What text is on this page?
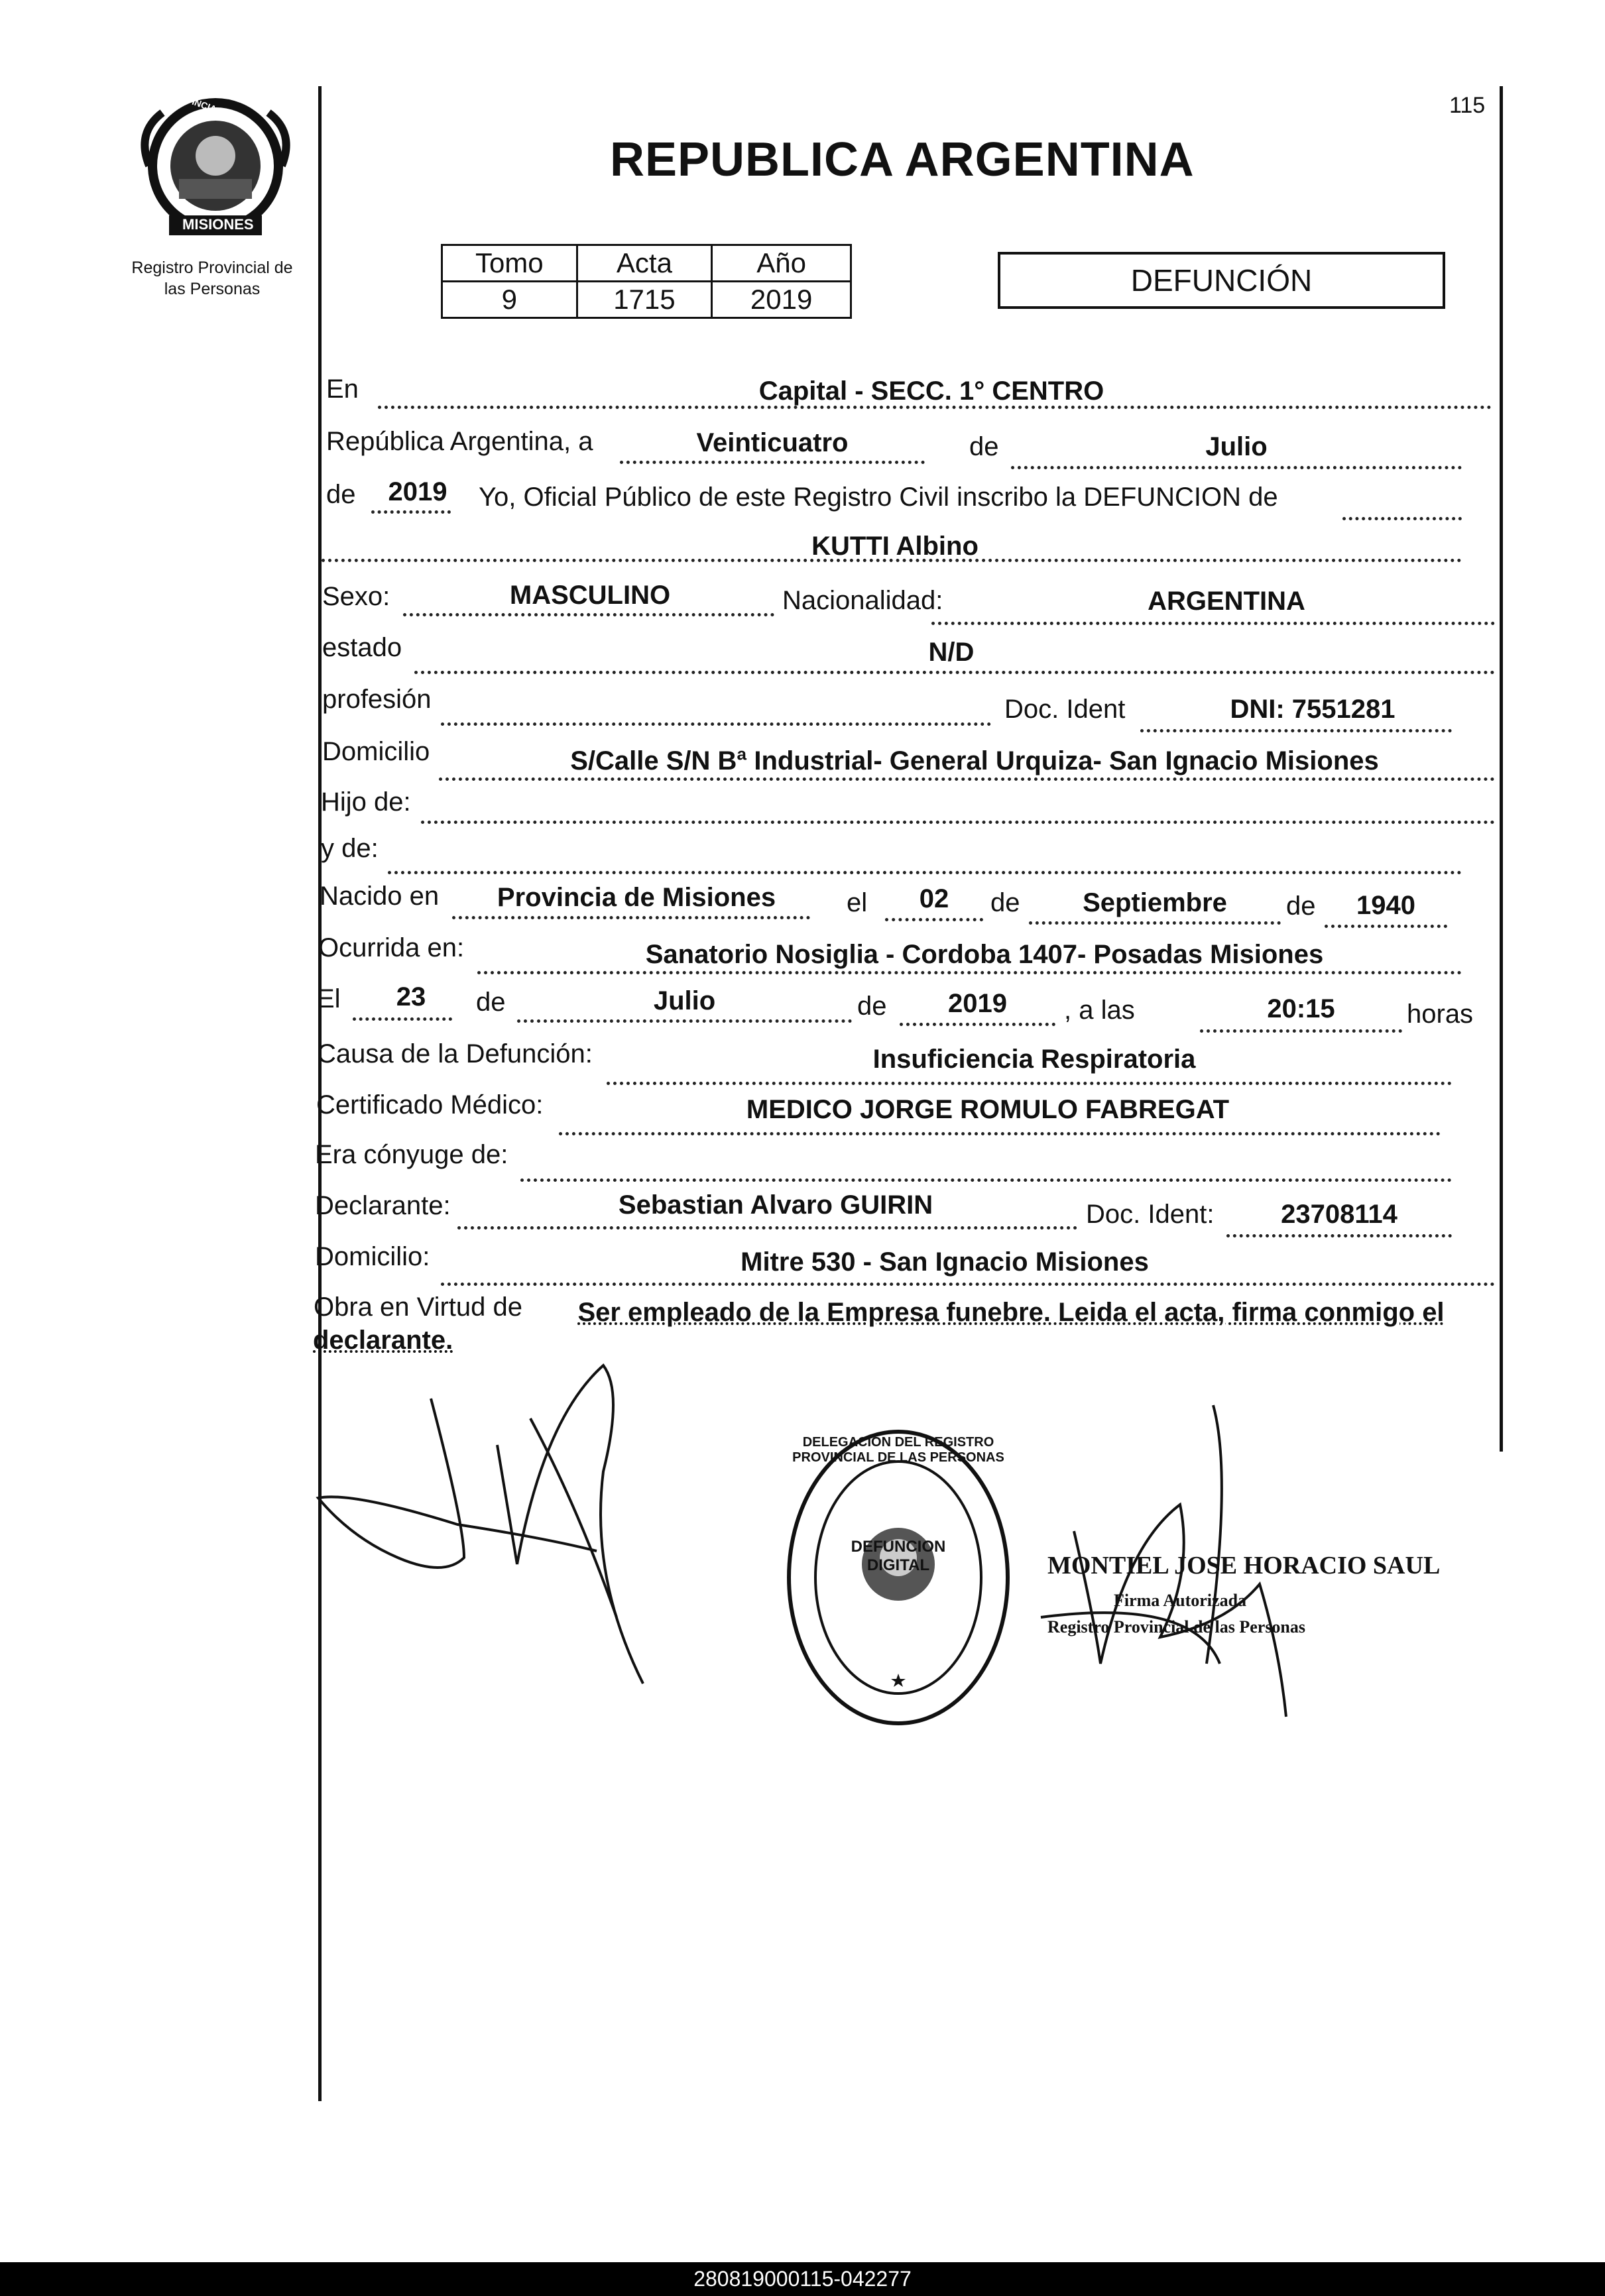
PROVINCIA DE
MISIONES
Registro Provincial de
las Personas
115
REPUBLICA ARGENTINA
Tomo	Acta	Año
9	1715	2019
DEFUNCIÓN
En	Capital - SECC. 1° CENTRO
República Argentina, a	Veinticuatro	de	Julio
de	2019	Yo, Oficial Público de este Registro Civil inscribo la DEFUNCION de
KUTTI Albino
Sexo:	MASCULINO	Nacionalidad:	ARGENTINA
estado	N/D
profesión	Doc. Ident	DNI: 7551281
Domicilio	S/Calle S/N Bª Industrial- General Urquiza- San Ignacio Misiones
Hijo de:
y de:
Nacido en	Provincia de Misiones	el	02	de	Septiembre	de	1940
Ocurrida en:	Sanatorio Nosiglia - Cordoba 1407- Posadas Misiones
El	23	de	Julio	de	2019	, a las	20:15	horas
Causa de la Defunción:	Insuficiencia Respiratoria
Certificado Médico:	MEDICO JORGE ROMULO FABREGAT
Era cónyuge de:
Declarante:	Sebastian Alvaro GUIRIN	Doc. Ident:	23708114
Domicilio:	Mitre 530 - San Ignacio Misiones
Obra en Virtud de	Ser empleado de la Empresa funebre. Leida el acta, firma conmigo el
declarante.
DELEGACION DEL REGISTRO PROVINCIAL DE LAS PERSONAS
DEFUNCION DIGITAL	MONTIEL JOSE HORACIO SAUL
Firma Autorizada
Registro Provincial de las Personas
280819000115-042277
